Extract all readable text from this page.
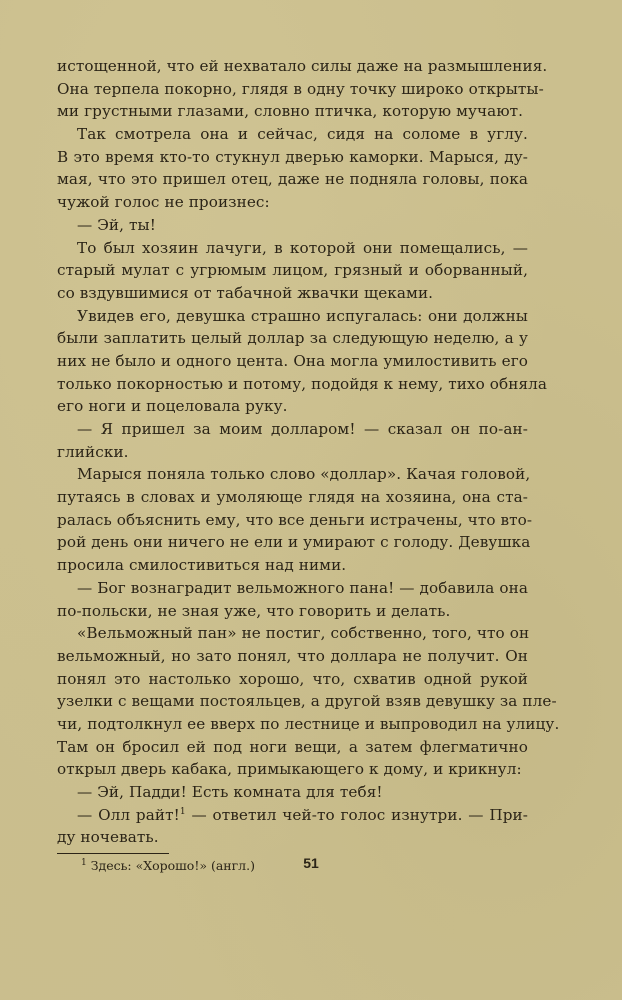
истощенной, что ей нехватало силы даже на размышления.
Она терпела покорно, глядя в одну точку широко открыты-
ми грустными глазами, словно птичка, которую мучают.
Так смотрела она и сейчас, сидя на соломе в углу.
В это время кто-то стукнул дверью каморки. Марыся, ду-
мая, что это пришел отец, даже не подняла головы, пока
чужой голос не произнес:
— Эй, ты!
То был хозяин лачуги, в которой они помещались, —
старый мулат с угрюмым лицом, грязный и оборванный,
со вздувшимися от табачной жвачки щеками.
Увидев его, девушка страшно испугалась: они должны
были заплатить целый доллар за следующую неделю, а у
них не было и одного цента. Она могла умилостивить его
только покорностью и потому, подойдя к нему, тихо обняла
его ноги и поцеловала руку.
— Я пришел за моим долларом! — сказал он по-ан-
глийски.
Марыся поняла только слово «доллар». Качая головой,
путаясь в словах и умоляюще глядя на хозяина, она ста-
ралась объяснить ему, что все деньги истрачены, что вто-
рой день они ничего не ели и умирают с голоду. Девушка
просила смилостивиться над ними.
— Бог вознаградит вельможного пана! — добавила она
по-польски, не зная уже, что говорить и делать.
«Вельможный пан» не постиг, собственно, того, что он
вельможный, но зато понял, что доллара не получит. Он
понял это настолько хорошо, что, схватив одной рукой
узелки с вещами постояльцев, а другой взяв девушку за пле-
чи, подтолкнул ее вверх по лестнице и выпроводил на улицу.
Там он бросил ей под ноги вещи, а затем флегматично
открыл дверь кабака, примыкающего к дому, и крикнул:
— Эй, Падди! Есть комната для тебя!
— Олл райт!$^1$ — ответил чей-то голос изнутри. — При-
ду ночевать.
$^1$ Здесь: «Хорошо!» (англ.)	51
